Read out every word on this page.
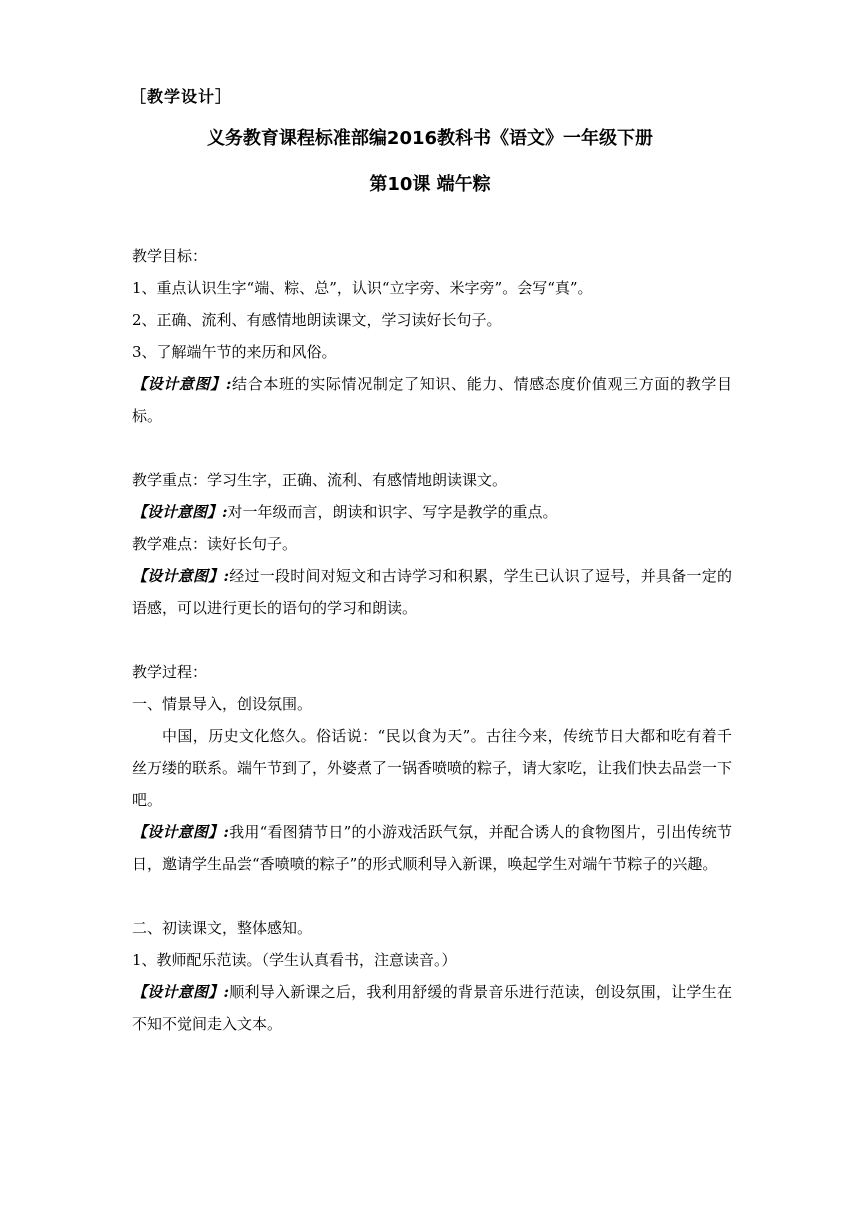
［教学设计］
义务教育课程标准部编2016教科书《语文》一年级下册
第10课 端午粽

教学目标：

1、重点认识生字“端、粽、总”，认识“立字旁、米字旁”。会写“真”。

2、正确、流利、有感情地朗读课文，学习读好长句子。

3、了解端午节的来历和风俗。

【设计意图】:结合本班的实际情况制定了知识、能力、情感态度价值观三方面的教学目标。

教学重点：学习生字，正确、流利、有感情地朗读课文。

【设计意图】:对一年级而言，朗读和识字、写字是教学的重点。

教学难点：读好长句子。

【设计意图】:经过一段时间对短文和古诗学习和积累，学生已认识了逗号，并具备一定的语感，可以进行更长的语句的学习和朗读。

教学过程：

一、情景导入，创设氛围。

中国，历史文化悠久。俗话说：“民以食为天”。古往今来，传统节日大都和吃有着千丝万缕的联系。端午节到了，外婆煮了一锅香喷喷的粽子，请大家吃，让我们快去品尝一下吧。

【设计意图】:我用“看图猜节日”的小游戏活跃气氛，并配合诱人的食物图片，引出传统节日，邀请学生品尝“香喷喷的粽子”的形式顺利导入新课，唤起学生对端午节粽子的兴趣。

二、初读课文，整体感知。

1、教师配乐范读。（学生认真看书，注意读音。）

【设计意图】:顺利导入新课之后，我利用舒缓的背景音乐进行范读，创设氛围，让学生在不知不觉间走入文本。
